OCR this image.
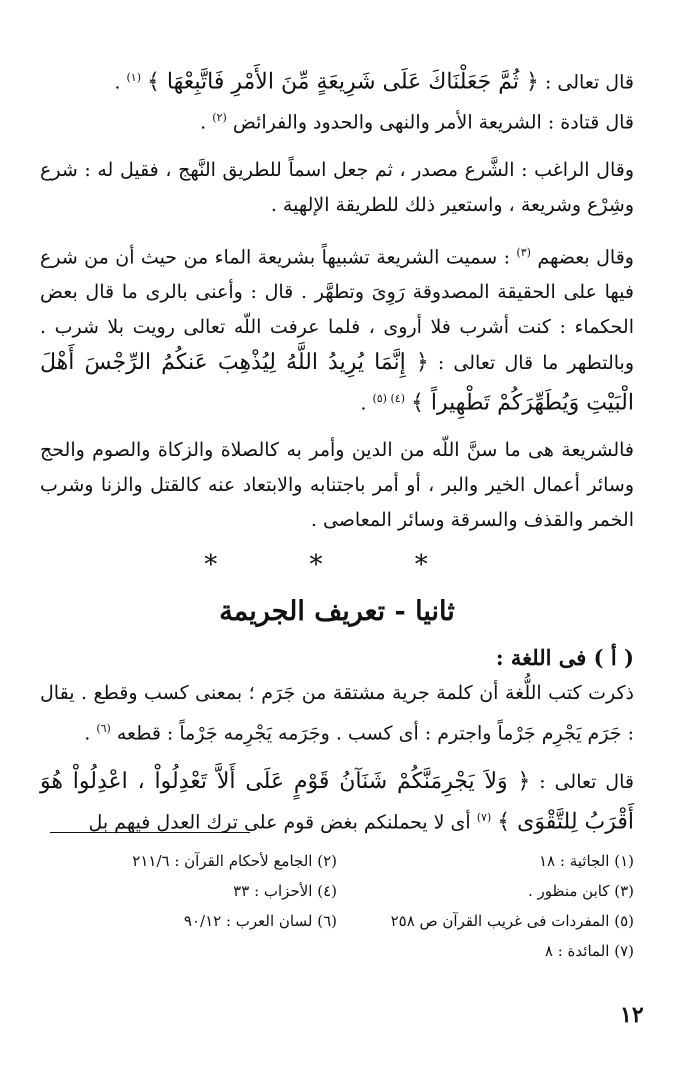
قال تعالى : ﴿ ثُمَّ جَعَلْنَاكَ عَلَى شَرِيعَةٍ مِّنَ الأَمْرِ فَاتَّبِعْهَا ﴾ $^{(١)}$ .

قال قتادة : الشريعة الأمر والنهى والحدود والفرائض $^{(٢)}$ .

وقال الراغب : الشَّرع مصدر ، ثم جعل اسماً للطريق النَّهج ، فقيل له : شرع وشِرْع وشريعة ، واستعير ذلك للطريقة الإلهية .

وقال بعضهم $^{(٣)}$ : سميت الشريعة تشبيهاً بشريعة الماء من حيث أن من شرع فيها على الحقيقة المصدوقة رَوِىَ وتطهَّر . قال : وأعنى بالرى ما قال بعض الحكماء : كنت أشرب فلا أروى ، فلما عرفت اللّه تعالى رويت بلا شرب . وبالتطهر ما قال تعالى : ﴿ إِنَّمَا يُرِيدُ اللَّهُ لِيُذْهِبَ عَنكُمُ الرِّجْسَ أَهْلَ الْبَيْتِ وَيُطَهِّرَكُمْ تَطْهِيراً ﴾ $^{(٤) (٥)}$ .

فالشريعة هى ما سنَّ اللّه من الدين وأمر به كالصلاة والزكاة والصوم والحج وسائر أعمال الخير والبر ، أو أمر باجتنابه والابتعاد عنه كالقتل والزنا وشرب الخمر والقذف والسرقة وسائر المعاصى .

* * *
ثانيا - تعريف الجريمة

( أ ) فى اللغة :

ذكرت كتب اللُّغة أن كلمة جرية مشتقة من جَرَم ؛ بمعنى كسب وقطع . يقال : جَرَم يَجْرِم جَرْماً واجترم : أى كسب . وجَرَمه يَجْرِمه جَرْماً : قطعه $^{(٦)}$ .

قال تعالى : ﴿ وَلاَ يَجْرِمَنَّكُمْ شَنَآنُ قَوْمٍ عَلَى أَلاَّ تَعْدِلُواْ ، اعْدِلُواْ هُوَ أَقْرَبُ لِلتَّقْوَى ﴾ $^{(٧)}$ أى لا يحملنكم بغض قوم على ترك العدل فيهم بل

(١) الجاثية : ١٨
(٢) الجامع لأحكام القرآن : ٢١١/٦
(٣) كابن منظور .
(٤) الأحزاب : ٣٣
(٥) المفردات فى غريب القرآن ص ٢٥٨
(٦) لسان العرب : ٩٠/١٢
(٧) المائدة : ٨
١٢
